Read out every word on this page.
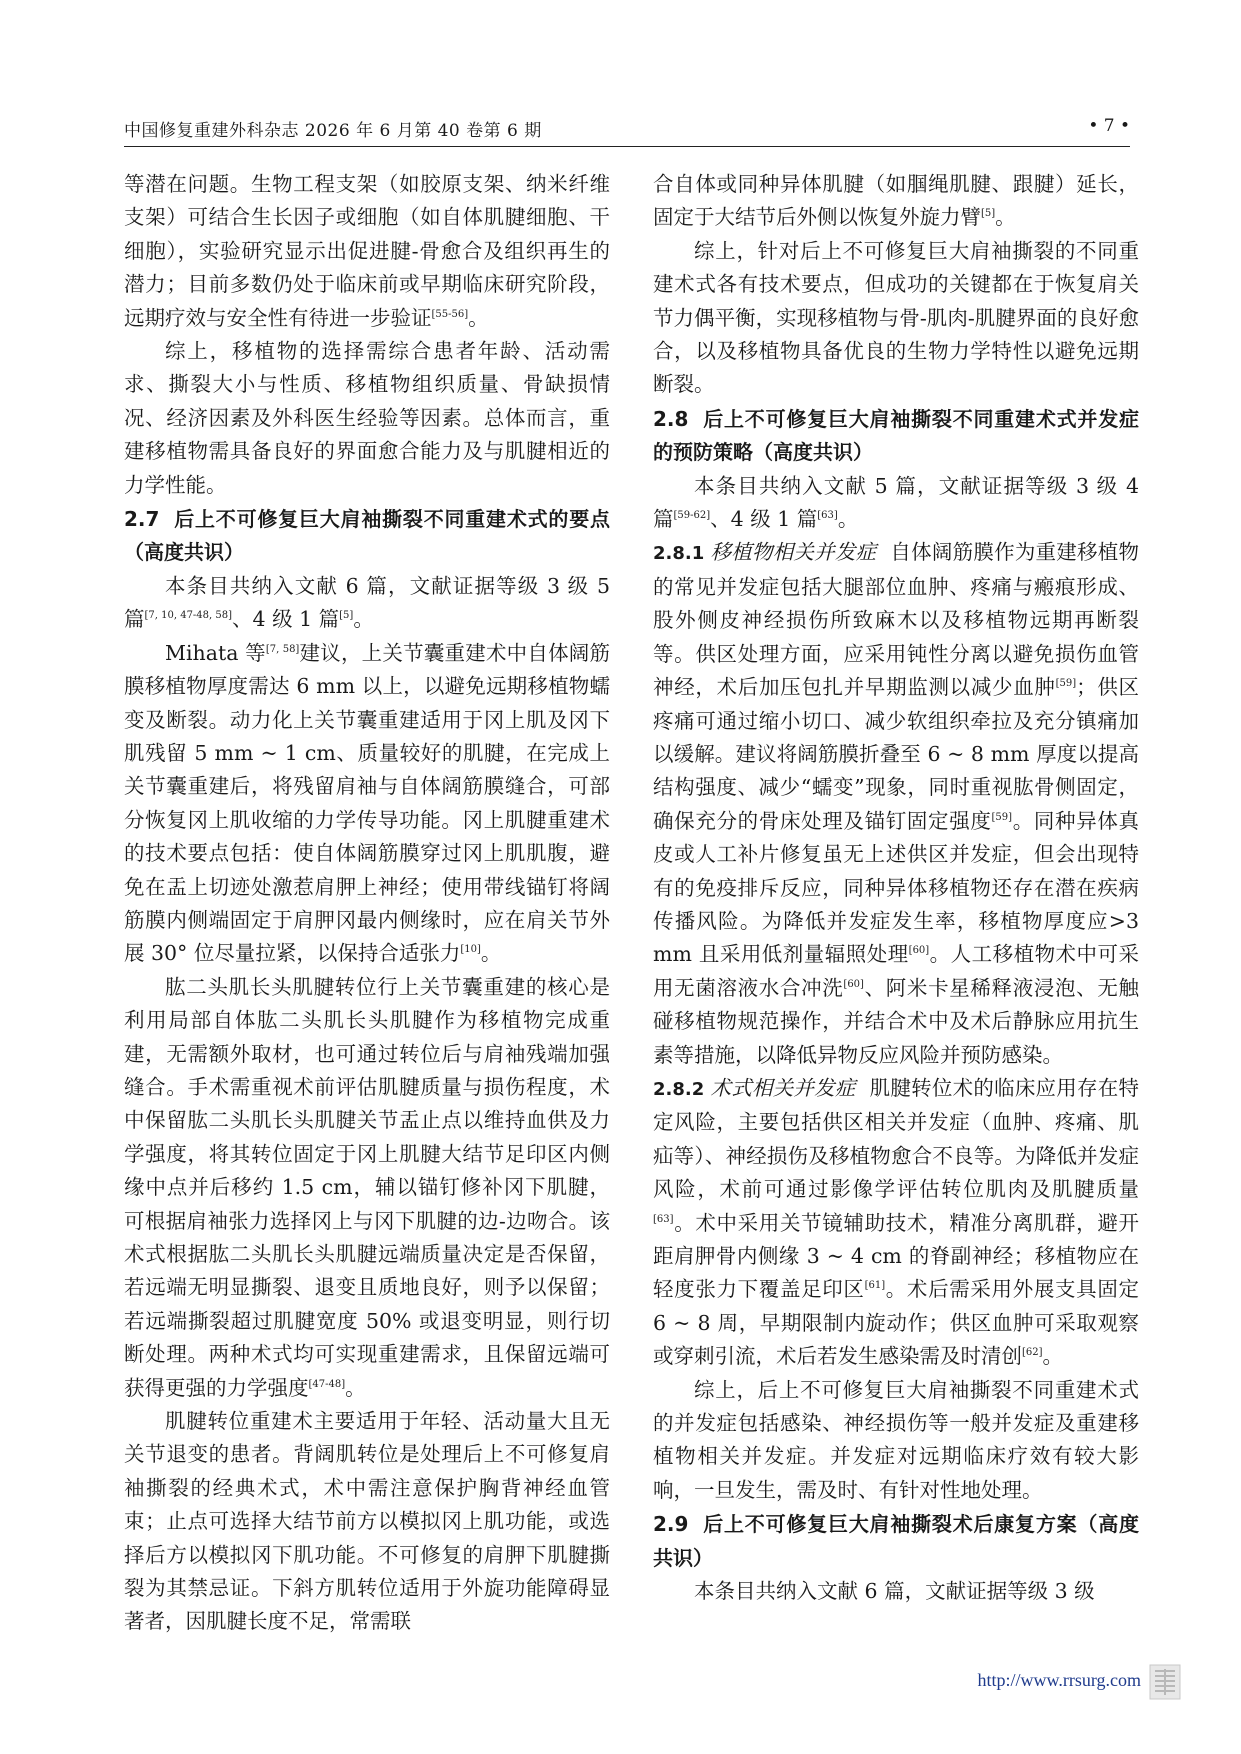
中国修复重建外科杂志 2026 年 6 月第 40 卷第 6 期	• 7 •

等潜在问题。生物工程支架（如胶原支架、纳米纤维支架）可结合生长因子或细胞（如自体肌腱细胞、干细胞），实验研究显示出促进腱-骨愈合及组织再生的潜力；目前多数仍处于临床前或早期临床研究阶段，远期疗效与安全性有待进一步验证[55-56]。

综上，移植物的选择需综合患者年龄、活动需求、撕裂大小与性质、移植物组织质量、骨缺损情况、经济因素及外科医生经验等因素。总体而言，重建移植物需具备良好的界面愈合能力及与肌腱相近的力学性能。

2.7 后上不可修复巨大肩袖撕裂不同重建术式的要点（高度共识）

本条目共纳入文献 6 篇，文献证据等级 3 级 5 篇[7, 10, 47-48, 58]、4 级 1 篇[5]。

Mihata 等[7, 58]建议，上关节囊重建术中自体阔筋膜移植物厚度需达 6 mm 以上，以避免远期移植物蠕变及断裂。动力化上关节囊重建适用于冈上肌及冈下肌残留 5 mm ~ 1 cm、质量较好的肌腱，在完成上关节囊重建后，将残留肩袖与自体阔筋膜缝合，可部分恢复冈上肌收缩的力学传导功能。冈上肌腱重建术的技术要点包括：使自体阔筋膜穿过冈上肌肌腹，避免在盂上切迹处激惹肩胛上神经；使用带线锚钉将阔筋膜内侧端固定于肩胛冈最内侧缘时，应在肩关节外展 30° 位尽量拉紧，以保持合适张力[10]。

肱二头肌长头肌腱转位行上关节囊重建的核心是利用局部自体肱二头肌长头肌腱作为移植物完成重建，无需额外取材，也可通过转位后与肩袖残端加强缝合。手术需重视术前评估肌腱质量与损伤程度，术中保留肱二头肌长头肌腱关节盂止点以维持血供及力学强度，将其转位固定于冈上肌腱大结节足印区内侧缘中点并后移约 1.5 cm，辅以锚钉修补冈下肌腱，可根据肩袖张力选择冈上与冈下肌腱的边-边吻合。该术式根据肱二头肌长头肌腱远端质量决定是否保留，若远端无明显撕裂、退变且质地良好，则予以保留；若远端撕裂超过肌腱宽度 50% 或退变明显，则行切断处理。两种术式均可实现重建需求，且保留远端可获得更强的力学强度[47-48]。

肌腱转位重建术主要适用于年轻、活动量大且无关节退变的患者。背阔肌转位是处理后上不可修复肩袖撕裂的经典术式，术中需注意保护胸背神经血管束；止点可选择大结节前方以模拟冈上肌功能，或选择后方以模拟冈下肌功能。不可修复的肩胛下肌腱撕裂为其禁忌证。下斜方肌转位适用于外旋功能障碍显著者，因肌腱长度不足，常需联

合自体或同种异体肌腱（如腘绳肌腱、跟腱）延长，固定于大结节后外侧以恢复外旋力臂[5]。

综上，针对后上不可修复巨大肩袖撕裂的不同重建术式各有技术要点，但成功的关键都在于恢复肩关节力偶平衡，实现移植物与骨-肌肉-肌腱界面的良好愈合，以及移植物具备优良的生物力学特性以避免远期断裂。

2.8 后上不可修复巨大肩袖撕裂不同重建术式并发症的预防策略（高度共识）

本条目共纳入文献 5 篇，文献证据等级 3 级 4 篇[59-62]、4 级 1 篇[63]。

2.8.1 移植物相关并发症 自体阔筋膜作为重建移植物的常见并发症包括大腿部位血肿、疼痛与瘢痕形成、股外侧皮神经损伤所致麻木以及移植物远期再断裂等。供区处理方面，应采用钝性分离以避免损伤血管神经，术后加压包扎并早期监测以减少血肿[59]；供区疼痛可通过缩小切口、减少软组织牵拉及充分镇痛加以缓解。建议将阔筋膜折叠至 6 ~ 8 mm 厚度以提高结构强度、减少“蠕变”现象，同时重视肱骨侧固定，确保充分的骨床处理及锚钉固定强度[59]。同种异体真皮或人工补片修复虽无上述供区并发症，但会出现特有的免疫排斥反应，同种异体移植物还存在潜在疾病传播风险。为降低并发症发生率，移植物厚度应>3 mm 且采用低剂量辐照处理[60]。人工移植物术中可采用无菌溶液水合冲洗[60]、阿米卡星稀释液浸泡、无触碰移植物规范操作，并结合术中及术后静脉应用抗生素等措施，以降低异物反应风险并预防感染。

2.8.2 术式相关并发症 肌腱转位术的临床应用存在特定风险，主要包括供区相关并发症（血肿、疼痛、肌疝等）、神经损伤及移植物愈合不良等。为降低并发症风险，术前可通过影像学评估转位肌肉及肌腱质量[63]。术中采用关节镜辅助技术，精准分离肌群，避开距肩胛骨内侧缘 3 ~ 4 cm 的脊副神经；移植物应在轻度张力下覆盖足印区[61]。术后需采用外展支具固定 6 ~ 8 周，早期限制内旋动作；供区血肿可采取观察或穿刺引流，术后若发生感染需及时清创[62]。

综上，后上不可修复巨大肩袖撕裂不同重建术式的并发症包括感染、神经损伤等一般并发症及重建移植物相关并发症。并发症对远期临床疗效有较大影响，一旦发生，需及时、有针对性地处理。

2.9 后上不可修复巨大肩袖撕裂术后康复方案（高度共识）

本条目共纳入文献 6 篇，文献证据等级 3 级

http://www.rrsurg.com
